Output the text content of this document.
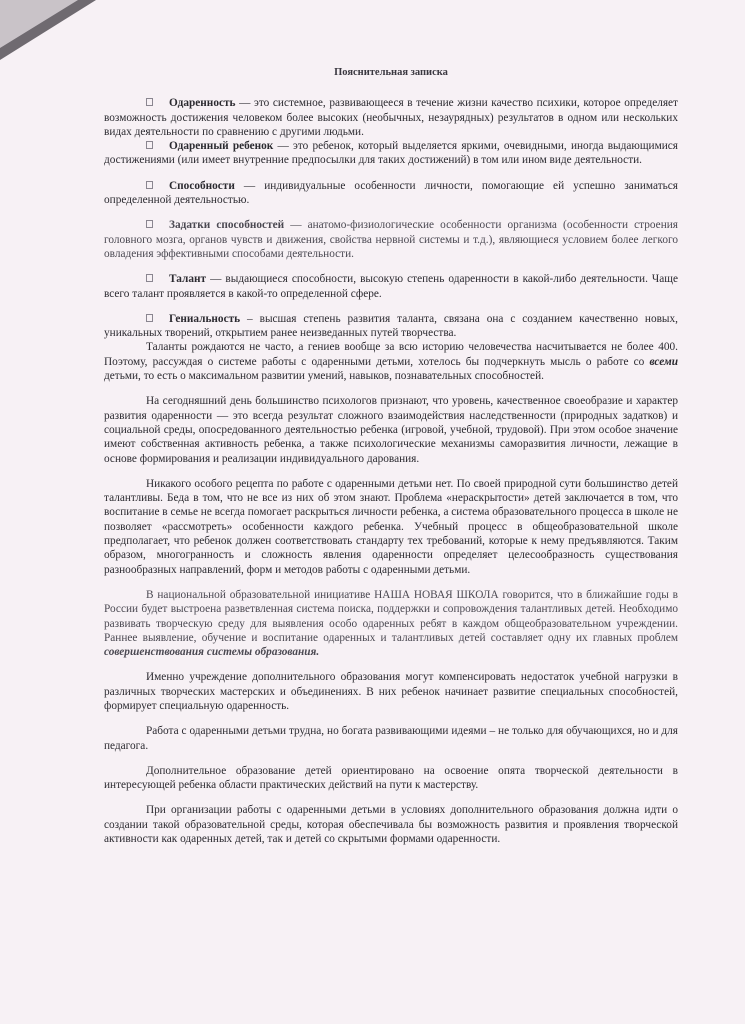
Пояснительная записка

Одаренность — это системное, развивающееся в течение жизни качество психики, которое определяет возможность достижения человеком более высоких (необычных, незаурядных) результатов в одном или нескольких видах деятельности по сравнению с другими людьми.

Одаренный ребенок — это ребенок, который выделяется яркими, очевидными, иногда выдающимися достижениями (или имеет внутренние предпосылки для таких достижений) в том или ином виде деятельности.

Способности — индивидуальные особенности личности, помогающие ей успешно заниматься определенной деятельностью.

Задатки способностей — анатомо-физиологические особенности организма (особенности строения головного мозга, органов чувств и движения, свойства нервной системы и т.д.), являющиеся условием более легкого овладения эффективными способами деятельности.

Талант — выдающиеся способности, высокую степень одаренности в какой-либо деятельности. Чаще всего талант проявляется в какой-то определенной сфере.

Гениальность – высшая степень развития таланта, связана она с созданием качественно новых, уникальных творений, открытием ранее неизведанных путей творчества.

Таланты рождаются не часто, а гениев вообще за всю историю человечества насчитывается не более 400. Поэтому, рассуждая о системе работы с одаренными детьми, хотелось бы подчеркнуть мысль о работе со всеми детьми, то есть о максимальном развитии умений, навыков, познавательных способностей.

На сегодняшний день большинство психологов признают, что уровень, качественное своеобразие и характер развития одаренности — это всегда результат сложного взаимодействия наследственности (природных задатков) и социальной среды, опосредованного деятельностью ребенка (игровой, учебной, трудовой). При этом особое значение имеют собственная активность ребенка, а также психологические механизмы саморазвития личности, лежащие в основе формирования и реализации индивидуального дарования.

Никакого особого рецепта по работе с одаренными детьми нет. По своей природной сути большинство детей талантливы. Беда в том, что не все из них об этом знают. Проблема «нераскрытости» детей заключается в том, что воспитание в семье не всегда помогает раскрыться личности ребенка, а система образовательного процесса в школе не позволяет «рассмотреть» особенности каждого ребенка. Учебный процесс в общеобразовательной школе предполагает, что ребенок должен соответствовать стандарту тех требований, которые к нему предъявляются. Таким образом, многогранность и сложность явления одаренности определяет целесообразность существования разнообразных направлений, форм и методов работы с одаренными детьми.

В национальной образовательной инициативе НАША НОВАЯ ШКОЛА говорится, что в ближайшие годы в России будет выстроена разветвленная система поиска, поддержки и сопровождения талантливых детей. Необходимо развивать творческую среду для выявления особо одаренных ребят в каждом общеобразовательном учреждении. Раннее выявление, обучение и воспитание одаренных и талантливых детей составляет одну их главных проблем совершенствования системы образования.

Именно учреждение дополнительного образования могут компенсировать недостаток учебной нагрузки в различных творческих мастерских и объединениях. В них ребенок начинает развитие специальных способностей, формирует специальную одаренность.

Работа с одаренными детьми трудна, но богата развивающими идеями – не только для обучающихся, но и для педагога.

Дополнительное образование детей ориентировано на освоение опята творческой деятельности в интересующей ребенка области практических действий на пути к мастерству.

При организации работы с одаренными детьми в условиях дополнительного образования должна идти о создании такой образовательной среды, которая обеспечивала бы возможность развития и проявления творческой активности как одаренных детей, так и детей со скрытыми формами одаренности.
